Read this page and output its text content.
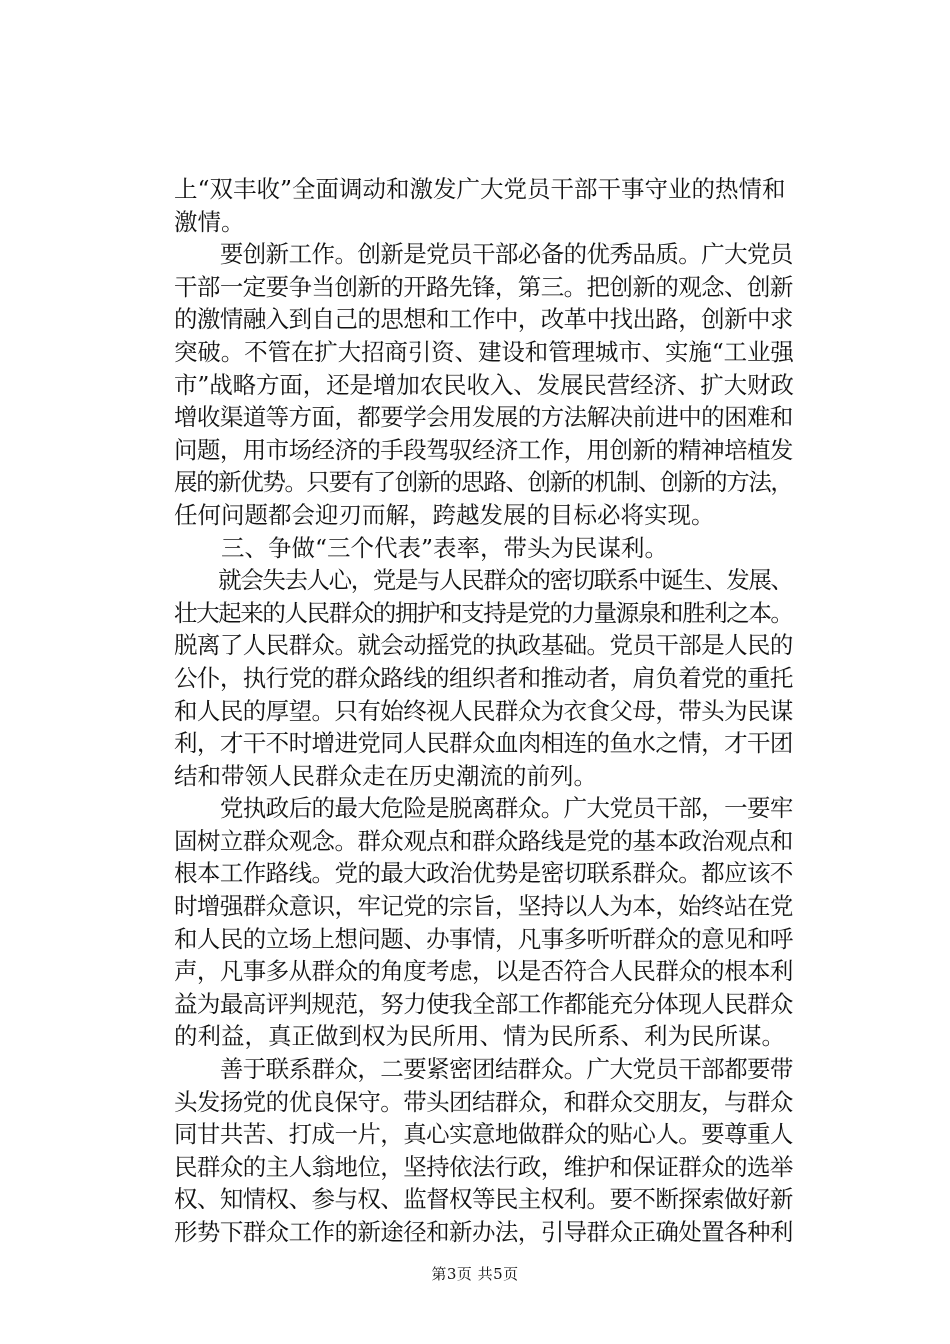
上“双丰收”全面调动和激发广大党员干部干事守业的热情和
激情。
　　要创新工作。创新是党员干部必备的优秀品质。广大党员
干部一定要争当创新的开路先锋，第三。把创新的观念、创新
的激情融入到自己的思想和工作中，改革中找出路，创新中求
突破。不管在扩大招商引资、建设和管理城市、实施“工业强
市”战略方面，还是增加农民收入、发展民营经济、扩大财政
增收渠道等方面，都要学会用发展的方法解决前进中的困难和
问题，用市场经济的手段驾驭经济工作，用创新的精神培植发
展的新优势。只要有了创新的思路、创新的机制、创新的方法，
任何问题都会迎刃而解，跨越发展的目标必将实现。
　　三、争做“三个代表”表率，带头为民谋利。
　　就会失去人心，党是与人民群众的密切联系中诞生、发展、
壮大起来的人民群众的拥护和支持是党的力量源泉和胜利之本。
脱离了人民群众。就会动摇党的执政基础。党员干部是人民的
公仆，执行党的群众路线的组织者和推动者，肩负着党的重托
和人民的厚望。只有始终视人民群众为衣食父母，带头为民谋
利，才干不时增进党同人民群众血肉相连的鱼水之情，才干团
结和带领人民群众走在历史潮流的前列。
　　党执政后的最大危险是脱离群众。广大党员干部，一要牢
固树立群众观念。群众观点和群众路线是党的基本政治观点和
根本工作路线。党的最大政治优势是密切联系群众。都应该不
时增强群众意识，牢记党的宗旨，坚持以人为本，始终站在党
和人民的立场上想问题、办事情，凡事多听听群众的意见和呼
声，凡事多从群众的角度考虑，以是否符合人民群众的根本利
益为最高评判规范，努力使我全部工作都能充分体现人民群众
的利益，真正做到权为民所用、情为民所系、利为民所谋。
　　善于联系群众，二要紧密团结群众。广大党员干部都要带
头发扬党的优良保守。带头团结群众，和群众交朋友，与群众
同甘共苦、打成一片，真心实意地做群众的贴心人。要尊重人
民群众的主人翁地位，坚持依法行政，维护和保证群众的选举
权、知情权、参与权、监督权等民主权利。要不断探索做好新
形势下群众工作的新途径和新办法，引导群众正确处置各种利
第3页 共5页
